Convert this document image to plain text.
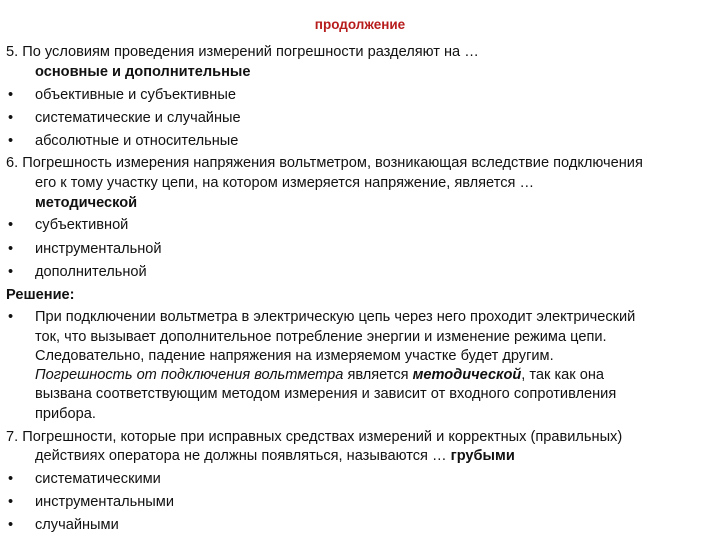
продолжение
5. По условиям проведения измерений погрешности разделяют на …
основные и дополнительные
• объективные и субъективные
• систематические и случайные
• абсолютные и относительные
6. Погрешность измерения напряжения вольтметром, возникающая вследствие подключения
его к тому участку цепи, на котором измеряется напряжение, является …
методической
• субъективной
• инструментальной
• дополнительной
Решение:
• При подключении вольтметра в электрическую цепь через него проходит электрический
ток, что вызывает дополнительное потребление энергии и изменение режима цепи.
Следовательно, падение напряжения на измеряемом участке будет другим.
Погрешность от подключения вольтметра является методической, так как она
вызвана соответствующим методом измерения и зависит от входного сопротивления
прибора.
7. Погрешности, которые при исправных средствах измерений и корректных (правильных)
действиях оператора не должны появляться, называются … грубыми
• систематическими
• инструментальными
• случайными
